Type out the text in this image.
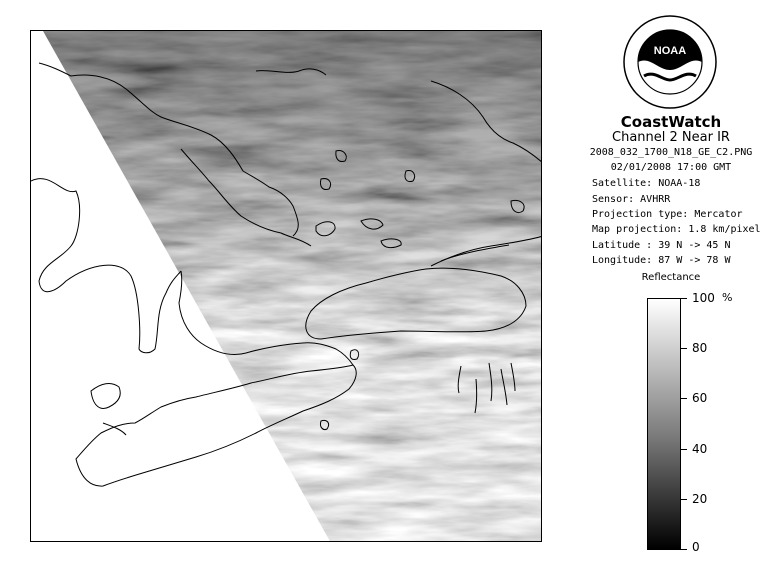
NOAA
CoastWatch
Channel 2 Near IR
2008_032_1700_N18_GE_C2.PNG
02/01/2008 17:00 GMT
Satellite: NOAA-18
Sensor: AVHRR
Projection type: Mercator
Map projection: 1.8 km/pixel
Latitude : 39 N -> 45 N
Longitude: 87 W -> 78 W
Reflectance
%
100
80
60
40
20
0
